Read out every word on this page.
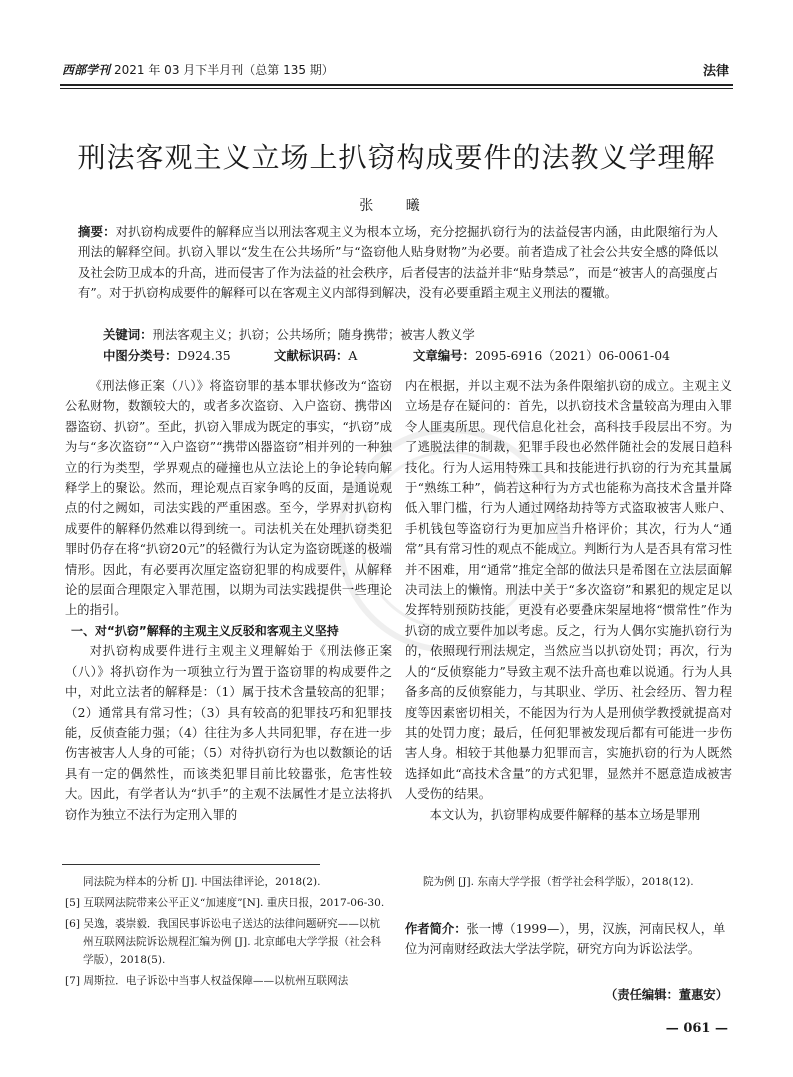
西部学刊 2021 年 03 月下半月刊（总第 135 期）	法律
刑法客观主义立场上扒窃构成要件的法教义学理解
张 曦
摘要：对扒窃构成要件的解释应当以刑法客观主义为根本立场，充分挖掘扒窃行为的法益侵害内涵，由此限缩行为人刑法的解释空间。扒窃入罪以“发生在公共场所”与“盗窃他人贴身财物”为必要。前者造成了社会公共安全感的降低以及社会防卫成本的升高，进而侵害了作为法益的社会秩序，后者侵害的法益并非“贴身禁忌”，而是“被害人的高强度占有”。对于扒窃构成要件的解释可以在客观主义内部得到解决，没有必要重蹈主观主义刑法的覆辙。
关键词：刑法客观主义；扒窃；公共场所；随身携带；被害人教义学
中图分类号：D924.35	文献标识码：A	文章编号：2095-6916（2021）06-0061-04

《刑法修正案（八）》将盗窃罪的基本罪状修改为“盗窃公私财物，数额较大的，或者多次盗窃、入户盗窃、携带凶器盗窃、扒窃”。至此，扒窃入罪成为既定的事实，“扒窃”成为与“多次盗窃”“入户盗窃”“携带凶器盗窃”相并列的一种独立的行为类型，学界观点的碰撞也从立法论上的争论转向解释学上的聚讼。然而，理论观点百家争鸣的反面，是通说观点的付之阙如，司法实践的严重困惑。至今，学界对扒窃构成要件的解释仍然难以得到统一。司法机关在处理扒窃类犯罪时仍存在将“扒窃20元”的轻微行为认定为盗窃既遂的极端情形。因此，有必要再次厘定盗窃犯罪的构成要件，从解释论的层面合理限定入罪范围，以期为司法实践提供一些理论上的指引。

一、对“扒窃”解释的主观主义反驳和客观主义坚持

对扒窃构成要件进行主观主义理解始于《刑法修正案（八）》将扒窃作为一项独立行为置于盗窃罪的构成要件之中，对此立法者的解释是：（1）属于技术含量较高的犯罪；（2）通常具有常习性；（3）具有较高的犯罪技巧和犯罪技能，反侦查能力强；（4）往往为多人共同犯罪，存在进一步伤害被害人人身的可能；（5）对待扒窃行为也以数额论的话具有一定的偶然性，而该类犯罪目前比较嚣张，危害性较大。因此，有学者认为“扒手”的主观不法属性才是立法将扒窃作为独立不法行为定刑入罪的

内在根据，并以主观不法为条件限缩扒窃的成立。主观主义立场是存在疑问的：首先，以扒窃技术含量较高为理由入罪令人匪夷所思。现代信息化社会，高科技手段层出不穷。为了逃脱法律的制裁，犯罪手段也必然伴随社会的发展日趋科技化。行为人运用特殊工具和技能进行扒窃的行为充其量属于“熟练工种”，倘若这种行为方式也能称为高技术含量并降低入罪门槛，行为人通过网络劫持等方式盗取被害人账户、手机钱包等盗窃行为更加应当升格评价；其次，行为人“通常”具有常习性的观点不能成立。判断行为人是否具有常习性并不困难，用“通常”推定全部的做法只是希图在立法层面解决司法上的懒惰。刑法中关于“多次盗窃”和累犯的规定足以发挥特别预防技能，更没有必要叠床架屋地将“惯常性”作为扒窃的成立要件加以考虑。反之，行为人偶尔实施扒窃行为的，依照现行刑法规定，当然应当以扒窃处罚；再次，行为人的“反侦察能力”导致主观不法升高也难以说通。行为人具备多高的反侦察能力，与其职业、学历、社会经历、智力程度等因素密切相关，不能因为行为人是刑侦学教授就提高对其的处罚力度；最后，任何犯罪被发现后都有可能进一步伤害人身。相较于其他暴力犯罪而言，实施扒窃的行为人既然选择如此“高技术含量”的方式犯罪，显然并不愿意造成被害人受伤的结果。

本文认为，扒窃罪构成要件解释的基本立场是罪刑

同法院为样本的分析 [J]. 中国法律评论，2018(2).
[5] 互联网法院带来公平正义“加速度”[N]. 重庆日报，2017-06-30.
[6] 吴逸，裘崇毅．我国民事诉讼电子送达的法律问题研究——以杭州互联网法院诉讼规程汇编为例 [J]. 北京邮电大学学报（社会科学版），2018(5).
[7] 周斯拉．电子诉讼中当事人权益保障——以杭州互联网法
院为例 [J]. 东南大学学报（哲学社会科学版），2018(12).
作者简介：张一博（1999—），男，汉族，河南民权人，单位为河南财经政法大学法学院，研究方向为诉讼法学。
（责任编辑：董惠安）
— 061 —
